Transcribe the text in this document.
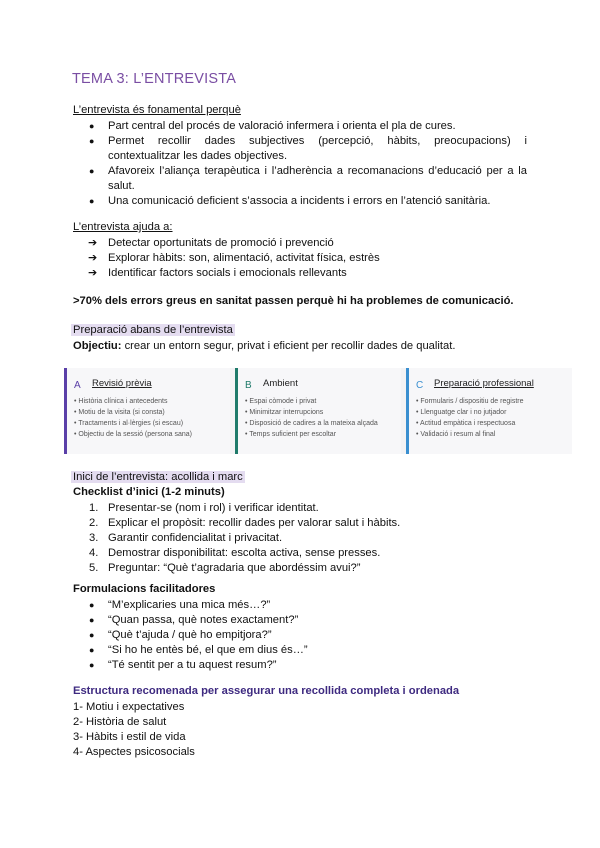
TEMA 3: L’ENTREVISTA
L’entrevista és fonamental perquè
● Part central del procés de valoració infermera i orienta el pla de cures.
● Permet recollir dades subjectives (percepció, hàbits, preocupacions) i contextualitzar les dades objectives.
● Afavoreix l’aliança terapèutica i l’adherència a recomanacions d’educació per a la salut.
● Una comunicació deficient s’associa a incidents i errors en l’atenció sanitària.
L’entrevista ajuda a:
➔ Detectar oportunitats de promoció i prevenció
➔ Explorar hàbits: son, alimentació, activitat física, estrès
➔ Identificar factors socials i emocionals rellevants
>70% dels errors greus en sanitat passen perquè hi ha problemes de comunicació.
Preparació abans de l’entrevista
Objectiu: crear un entorn segur, privat i eficient per recollir dades de qualitat.
A Revisió prèvia
• Història clínica i antecedents
• Motiu de la visita (si consta)
• Tractaments i al·lèrgies (si escau)
• Objectiu de la sessió (persona sana)
B Ambient
• Espai còmode i privat
• Minimitzar interrupcions
• Disposició de cadires a la mateixa alçada
• Temps suficient per escoltar
C Preparació professional
• Formularis / dispositiu de registre
• Llenguatge clar i no jutjador
• Actitud empàtica i respectuosa
• Validació i resum al final
Inici de l’entrevista: acollida i marc
Checklist d’inici (1-2 minuts)
1. Presentar-se (nom i rol) i verificar identitat.
2. Explicar el propòsit: recollir dades per valorar salut i hàbits.
3. Garantir confidencialitat i privacitat.
4. Demostrar disponibilitat: escolta activa, sense presses.
5. Preguntar: “Què t’agradaria que abordéssim avui?”
Formulacions facilitadores
● “M’explicaries una mica més…?”
● “Quan passa, què notes exactament?”
● “Què t’ajuda / què ho empitjora?”
● “Si ho he entès bé, el que em dius és…”
● “Té sentit per a tu aquest resum?”
Estructura recomenada per assegurar una recollida completa i ordenada
1- Motiu i expectatives
2- Història de salut
3- Hàbits i estil de vida
4- Aspectes psicosocials
